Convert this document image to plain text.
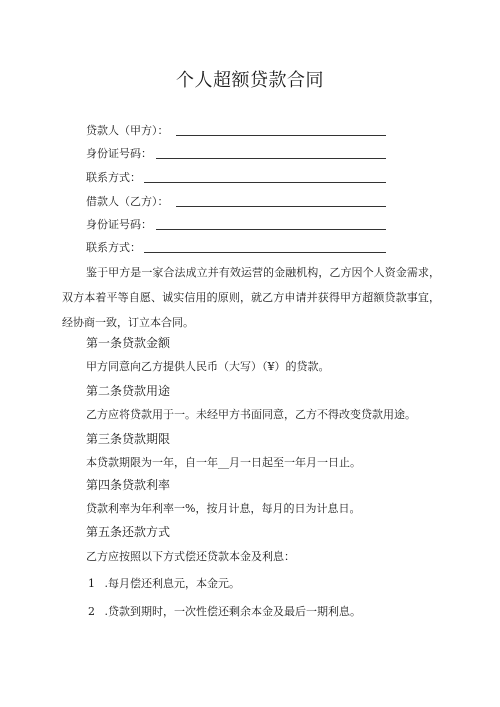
个人超额贷款合同
贷款人（甲方）：
身份证号码：
联系方式：
借款人（乙方）：
身份证号码：
联系方式：
鉴于甲方是一家合法成立并有效运营的金融机构，乙方因个人资金需求，双方本着平等自愿、诚实信用的原则，就乙方申请并获得甲方超额贷款事宜，经协商一致，订立本合同。
第一条贷款金额
甲方同意向乙方提供人民币（大写）（¥）的贷款。
第二条贷款用途
乙方应将贷款用于一。未经甲方书面同意，乙方不得改变贷款用途。
第三条贷款期限
本贷款期限为一年，自一年__月一日起至一年月一日止。
第四条贷款利率
贷款利率为年利率一%，按月计息，每月的日为计息日。
第五条还款方式
乙方应按照以下方式偿还贷款本金及利息：
1 .每月偿还利息元，本金元。
2 .贷款到期时，一次性偿还剩余本金及最后一期利息。
